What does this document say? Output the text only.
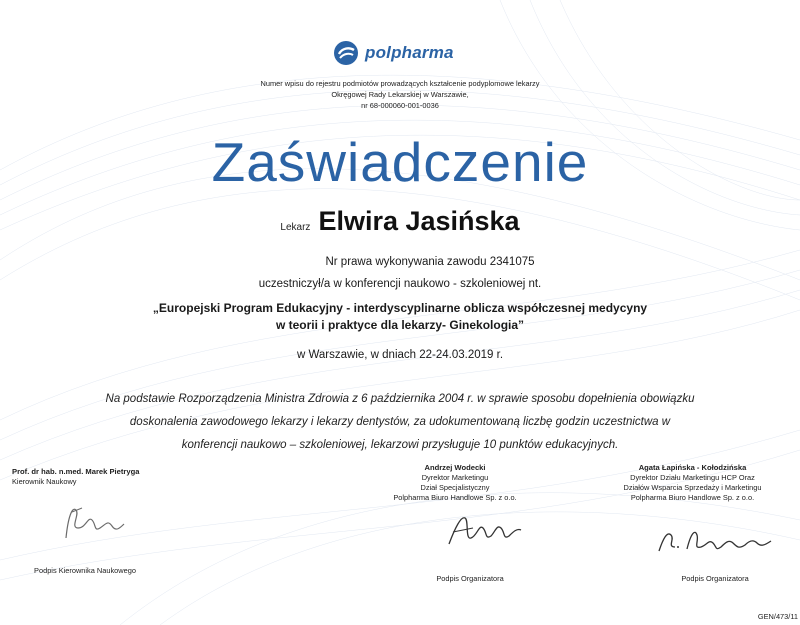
polpharma
Numer wpisu do rejestru podmiotów prowadzących kształcenie podyplomowe lekarzy
Okręgowej Rady Lekarskiej w Warszawie,
nr 68-000060-001-0036
Zaświadczenie
Lekarz Elwira Jasińska
Nr prawa wykonywania zawodu 2341075
uczestniczył/a w konferencji naukowo - szkoleniowej nt.
„Europejski Program Edukacyjny - interdyscyplinarne oblicza współczesnej medycyny
w teorii i praktyce dla lekarzy- Ginekologia”
w Warszawie, w dniach 22-24.03.2019 r.
Na podstawie Rozporządzenia Ministra Zdrowia z 6 października 2004 r. w sprawie sposobu dopełnienia obowiązku
doskonalenia zawodowego lekarzy i lekarzy dentystów, za udokumentowaną liczbę godzin uczestnictwa w
konferencji naukowo – szkoleniowej, lekarzowi przysługuje 10 punktów edukacyjnych.
Prof. dr hab. n.med. Marek Pietryga
Kierownik Naukowy
Andrzej Wodecki
Dyrektor Marketingu
Dział Specjalistyczny
Polpharma Biuro Handlowe Sp. z o.o.
Agata Łapińska - Kołodzińska
Dyrektor Działu Marketingu HCP Oraz
Działów Wsparcia Sprzedaży i Marketingu
Polpharma Biuro Handlowe Sp. z o.o.
Podpis Kierownika Naukowego
Podpis Organizatora	Podpis Organizatora
GEN/473/11
